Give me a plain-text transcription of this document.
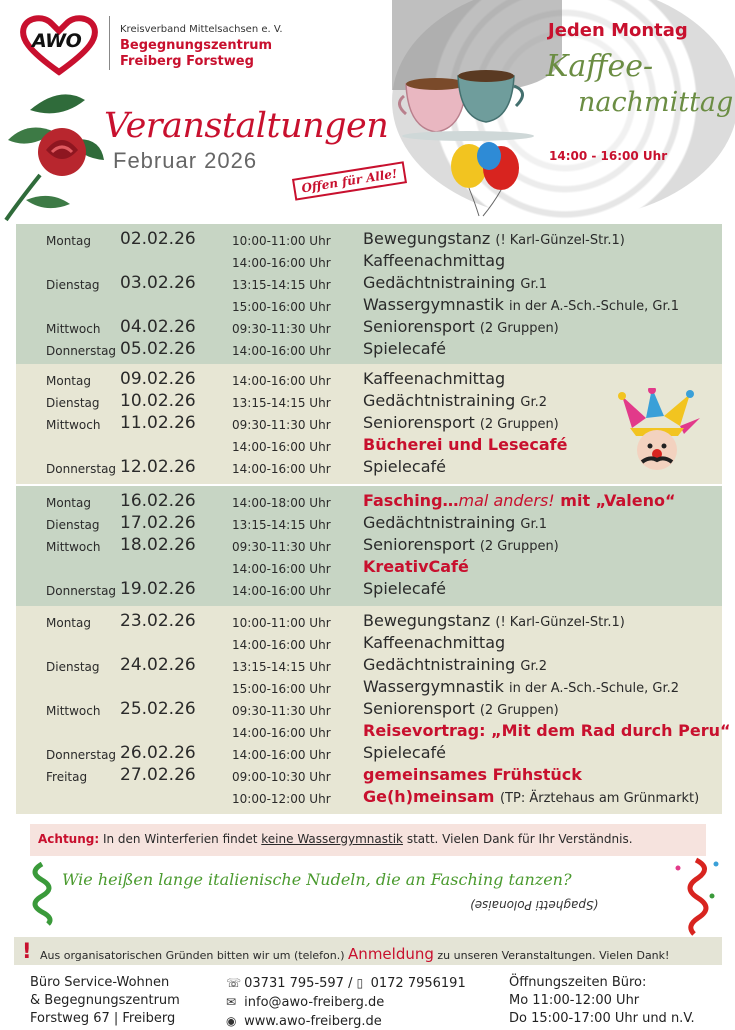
AWO
Kreisverband Mittelsachsen e. V.
Begegnungszentrum
Freiberg Forstweg
Jeden Montag
Kaffee-
nachmittag
14:00 - 16:00 Uhr
Veranstaltungen
Februar 2026
Offen für Alle!
Montag 02.02.26	10:00-11:00 Uhr Bewegungstanz (! Karl-Günzel-Str.1)
14:00-16:00 Uhr Kaffeenachmittag
Dienstag 03.02.26	13:15-14:15 Uhr Gedächtnistraining Gr.1
15:00-16:00 Uhr Wassergymnastik in der A.-Sch.-Schule, Gr.1
Mittwoch 04.02.26	09:30-11:30 Uhr Seniorensport (2 Gruppen)
Donnerstag 05.02.26	14:00-16:00 Uhr Spielecafé
Montag 09.02.26	14:00-16:00 Uhr Kaffeenachmittag
Dienstag 10.02.26	13:15-14:15 Uhr Gedächtnistraining Gr.2
Mittwoch 11.02.26	09:30-11:30 Uhr Seniorensport (2 Gruppen)
14:00-16:00 Uhr Bücherei und Lesecafé
Donnerstag 12.02.26	14:00-16:00 Uhr Spielecafé
Montag 16.02.26	14:00-18:00 Uhr Fasching…mal anders! mit „Valeno“
Dienstag 17.02.26	13:15-14:15 Uhr Gedächtnistraining Gr.1
Mittwoch 18.02.26	09:30-11:30 Uhr Seniorensport (2 Gruppen)
14:00-16:00 Uhr KreativCafé
Donnerstag 19.02.26	14:00-16:00 Uhr Spielecafé
Montag 23.02.26	10:00-11:00 Uhr Bewegungstanz (! Karl-Günzel-Str.1)
14:00-16:00 Uhr Kaffeenachmittag
Dienstag 24.02.26	13:15-14:15 Uhr Gedächtnistraining Gr.2
15:00-16:00 Uhr Wassergymnastik in der A.-Sch.-Schule, Gr.2
Mittwoch 25.02.26	09:30-11:30 Uhr Seniorensport (2 Gruppen)
14:00-16:00 Uhr Reisevortrag: „Mit dem Rad durch Peru“
Donnerstag 26.02.26	14:00-16:00 Uhr Spielecafé
Freitag 27.02.26	09:00-10:30 Uhr gemeinsames Frühstück
10:00-12:00 Uhr Ge(h)meinsam (TP: Ärztehaus am Grünmarkt)
Achtung: In den Winterferien findet keine Wassergymnastik statt. Vielen Dank für Ihr Verständnis.
Wie heißen lange italienische Nudeln, die an Fasching tanzen?
(Spaghetti Polonaise)
! Aus organisatorischen Gründen bitten wir um (telefon.) Anmeldung zu unseren Veranstaltungen. Vielen Dank!
Büro Service-Wohnen
& Begegnungszentrum
Forstweg 67 | Freiberg
☏ 03731 795-597 / ▯ 0172 7956191
✉ info@awo-freiberg.de
◉ www.awo-freiberg.de
Öffnungszeiten Büro:
Mo 11:00-12:00 Uhr
Do 15:00-17:00 Uhr und n.V.
